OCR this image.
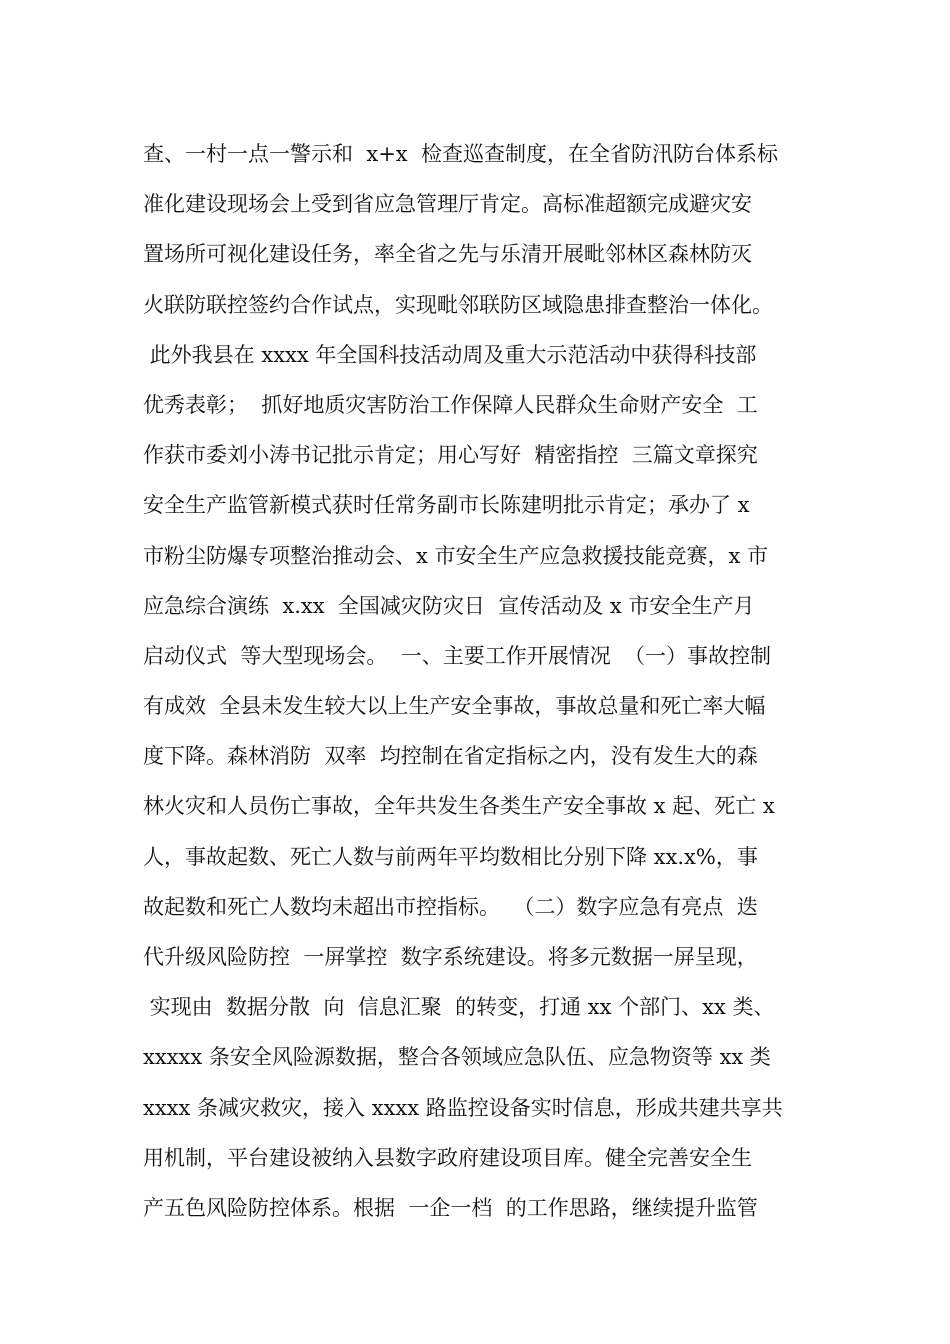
查、一村一点一警示和  x+x  检查巡查制度，在全省防汛防台体系标
准化建设现场会上受到省应急管理厅肯定。高标准超额完成避灾安
置场所可视化建设任务，率全省之先与乐清开展毗邻林区森林防灭
火联防联控签约合作试点，实现毗邻联防区域隐患排查整治一体化。
此外我县在 xxxx 年全国科技活动周及重大示范活动中获得科技部
优秀表彰；  抓好地质灾害防治工作保障人民群众生命财产安全  工
作获市委刘小涛书记批示肯定；用心写好  精密指控  三篇文章探究
安全生产监管新模式获时任常务副市长陈建明批示肯定；承办了 x
市粉尘防爆专项整治推动会、x 市安全生产应急救援技能竞赛，x 市
应急综合演练  x.xx  全国减灾防灾日  宣传活动及 x 市安全生产月
启动仪式  等大型现场会。  一、主要工作开展情况  （一）事故控制
有成效  全县未发生较大以上生产安全事故，事故总量和死亡率大幅
度下降。森林消防  双率  均控制在省定指标之内，没有发生大的森
林火灾和人员伤亡事故，全年共发生各类生产安全事故 x 起、死亡 x
人，事故起数、死亡人数与前两年平均数相比分别下降 xx.x%，事
故起数和死亡人数均未超出市控指标。  （二）数字应急有亮点  迭
代升级风险防控  一屏掌控  数字系统建设。将多元数据一屏呈现，
实现由  数据分散  向  信息汇聚  的转变，打通 xx 个部门、xx 类、
xxxxx 条安全风险源数据，整合各领域应急队伍、应急物资等 xx 类
xxxx 条减灾救灾，接入 xxxx 路监控设备实时信息，形成共建共享共
用机制，平台建设被纳入县数字政府建设项目库。健全完善安全生
产五色风险防控体系。根据  一企一档  的工作思路，继续提升监管
